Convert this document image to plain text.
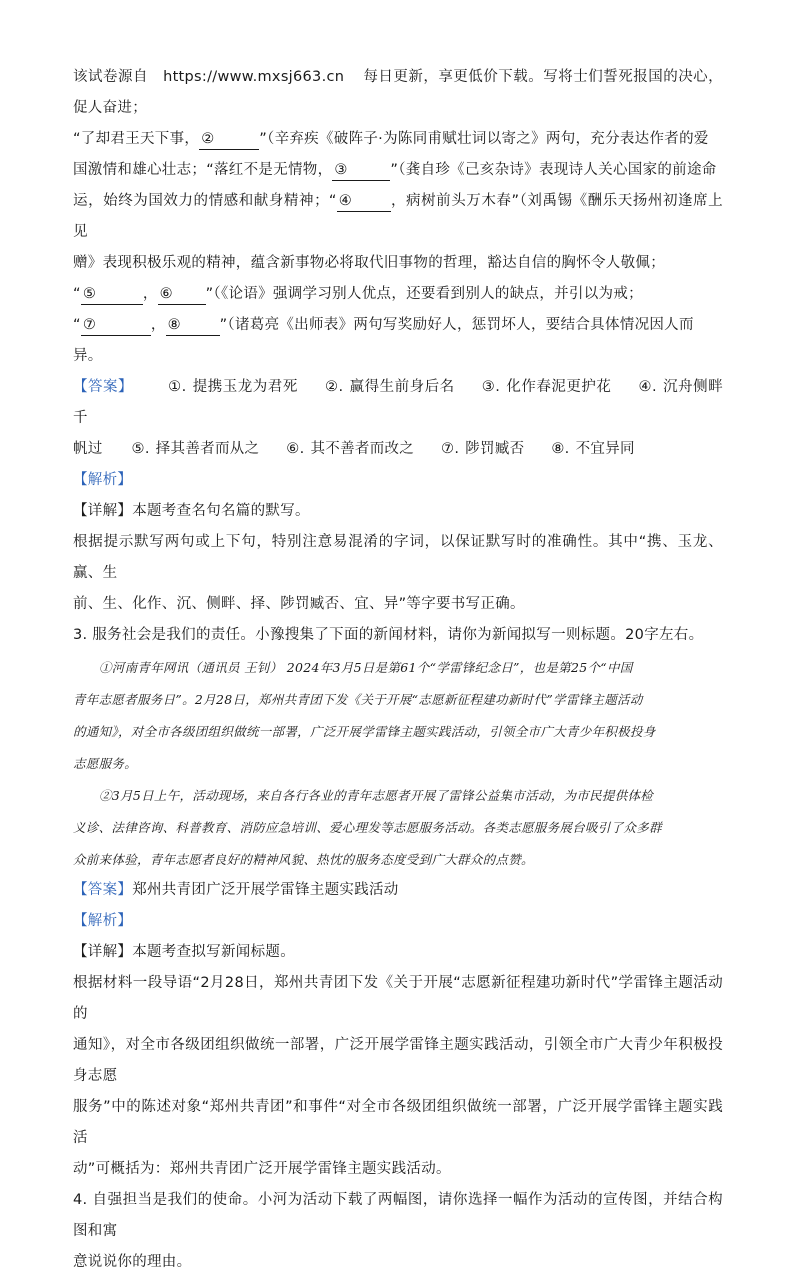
该试卷源自 https://www.mxsj663.cn 每日更新，享更低价下载。写将士们誓死报国的决心，促人奋进；

“了却君王天下事， ②	”（辛弃疾《破阵子·为陈同甫赋壮词以寄之》两句，充分表达作者的爱

国激情和雄心壮志；“落红不是无情物， ③	”（龚自珍《己亥杂诗》表现诗人关心国家的前途命

运，始终为国效力的情感和献身精神；“ ④	，病树前头万木春”（刘禹锡《酬乐天扬州初逢席上见

赠》表现积极乐观的精神，蕴含新事物必将取代旧事物的哲理，豁达自信的胸怀令人敬佩；

“ ⑤	， ⑥ ”（《论语》强调学习别人优点，还要看到别人的缺点，并引以为戒；

“ ⑦	， ⑧	”（诸葛亮《出师表》两句写奖励好人，惩罚坏人，要结合具体情况因人而

异。

【答案】 ①. 提携玉龙为君死 ②. 赢得生前身后名 ③. 化作春泥更护花 ④. 沉舟侧畔千

帆过 ⑤. 择其善者而从之 ⑥. 其不善者而改之 ⑦. 陟罚臧否 ⑧. 不宜异同

【解析】

【详解】本题考查名句名篇的默写。

根据提示默写两句或上下句，特别注意易混淆的字词，以保证默写时的准确性。其中“携、玉龙、赢、生

前、生、化作、沉、侧畔、择、陟罚臧否、宜、异”等字要书写正确。

3. 服务社会是我们的责任。小豫搜集了下面的新闻材料，请你为新闻拟写一则标题。20字左右。

①河南青年网讯（通讯员 王钊） 2024年3月5日是第61个“学雷锋纪念日”，也是第25个“中国

青年志愿者服务日”。2月28日，郑州共青团下发《关于开展“志愿新征程建功新时代”学雷锋主题活动

的通知》，对全市各级团组织做统一部署，广泛开展学雷锋主题实践活动，引领全市广大青少年积极投身

志愿服务。

②3月5日上午，活动现场，来自各行各业的青年志愿者开展了雷锋公益集市活动，为市民提供体检

义诊、法律咨询、科普教育、消防应急培训、爱心理发等志愿服务活动。各类志愿服务展台吸引了众多群

众前来体验，青年志愿者良好的精神风貌、热忱的服务态度受到广大群众的点赞。

【答案】郑州共青团广泛开展学雷锋主题实践活动

【解析】

【详解】本题考查拟写新闻标题。

根据材料一段导语“2月28日，郑州共青团下发《关于开展“志愿新征程建功新时代”学雷锋主题活动的

通知》，对全市各级团组织做统一部署，广泛开展学雷锋主题实践活动，引领全市广大青少年积极投身志愿

服务”中的陈述对象“郑州共青团”和事件“对全市各级团组织做统一部署，广泛开展学雷锋主题实践活

动”可概括为：郑州共青团广泛开展学雷锋主题实践活动。

4. 自强担当是我们的使命。小河为活动下载了两幅图，请你选择一幅作为活动的宣传图，并结合构图和寓

意说说你的理由。
